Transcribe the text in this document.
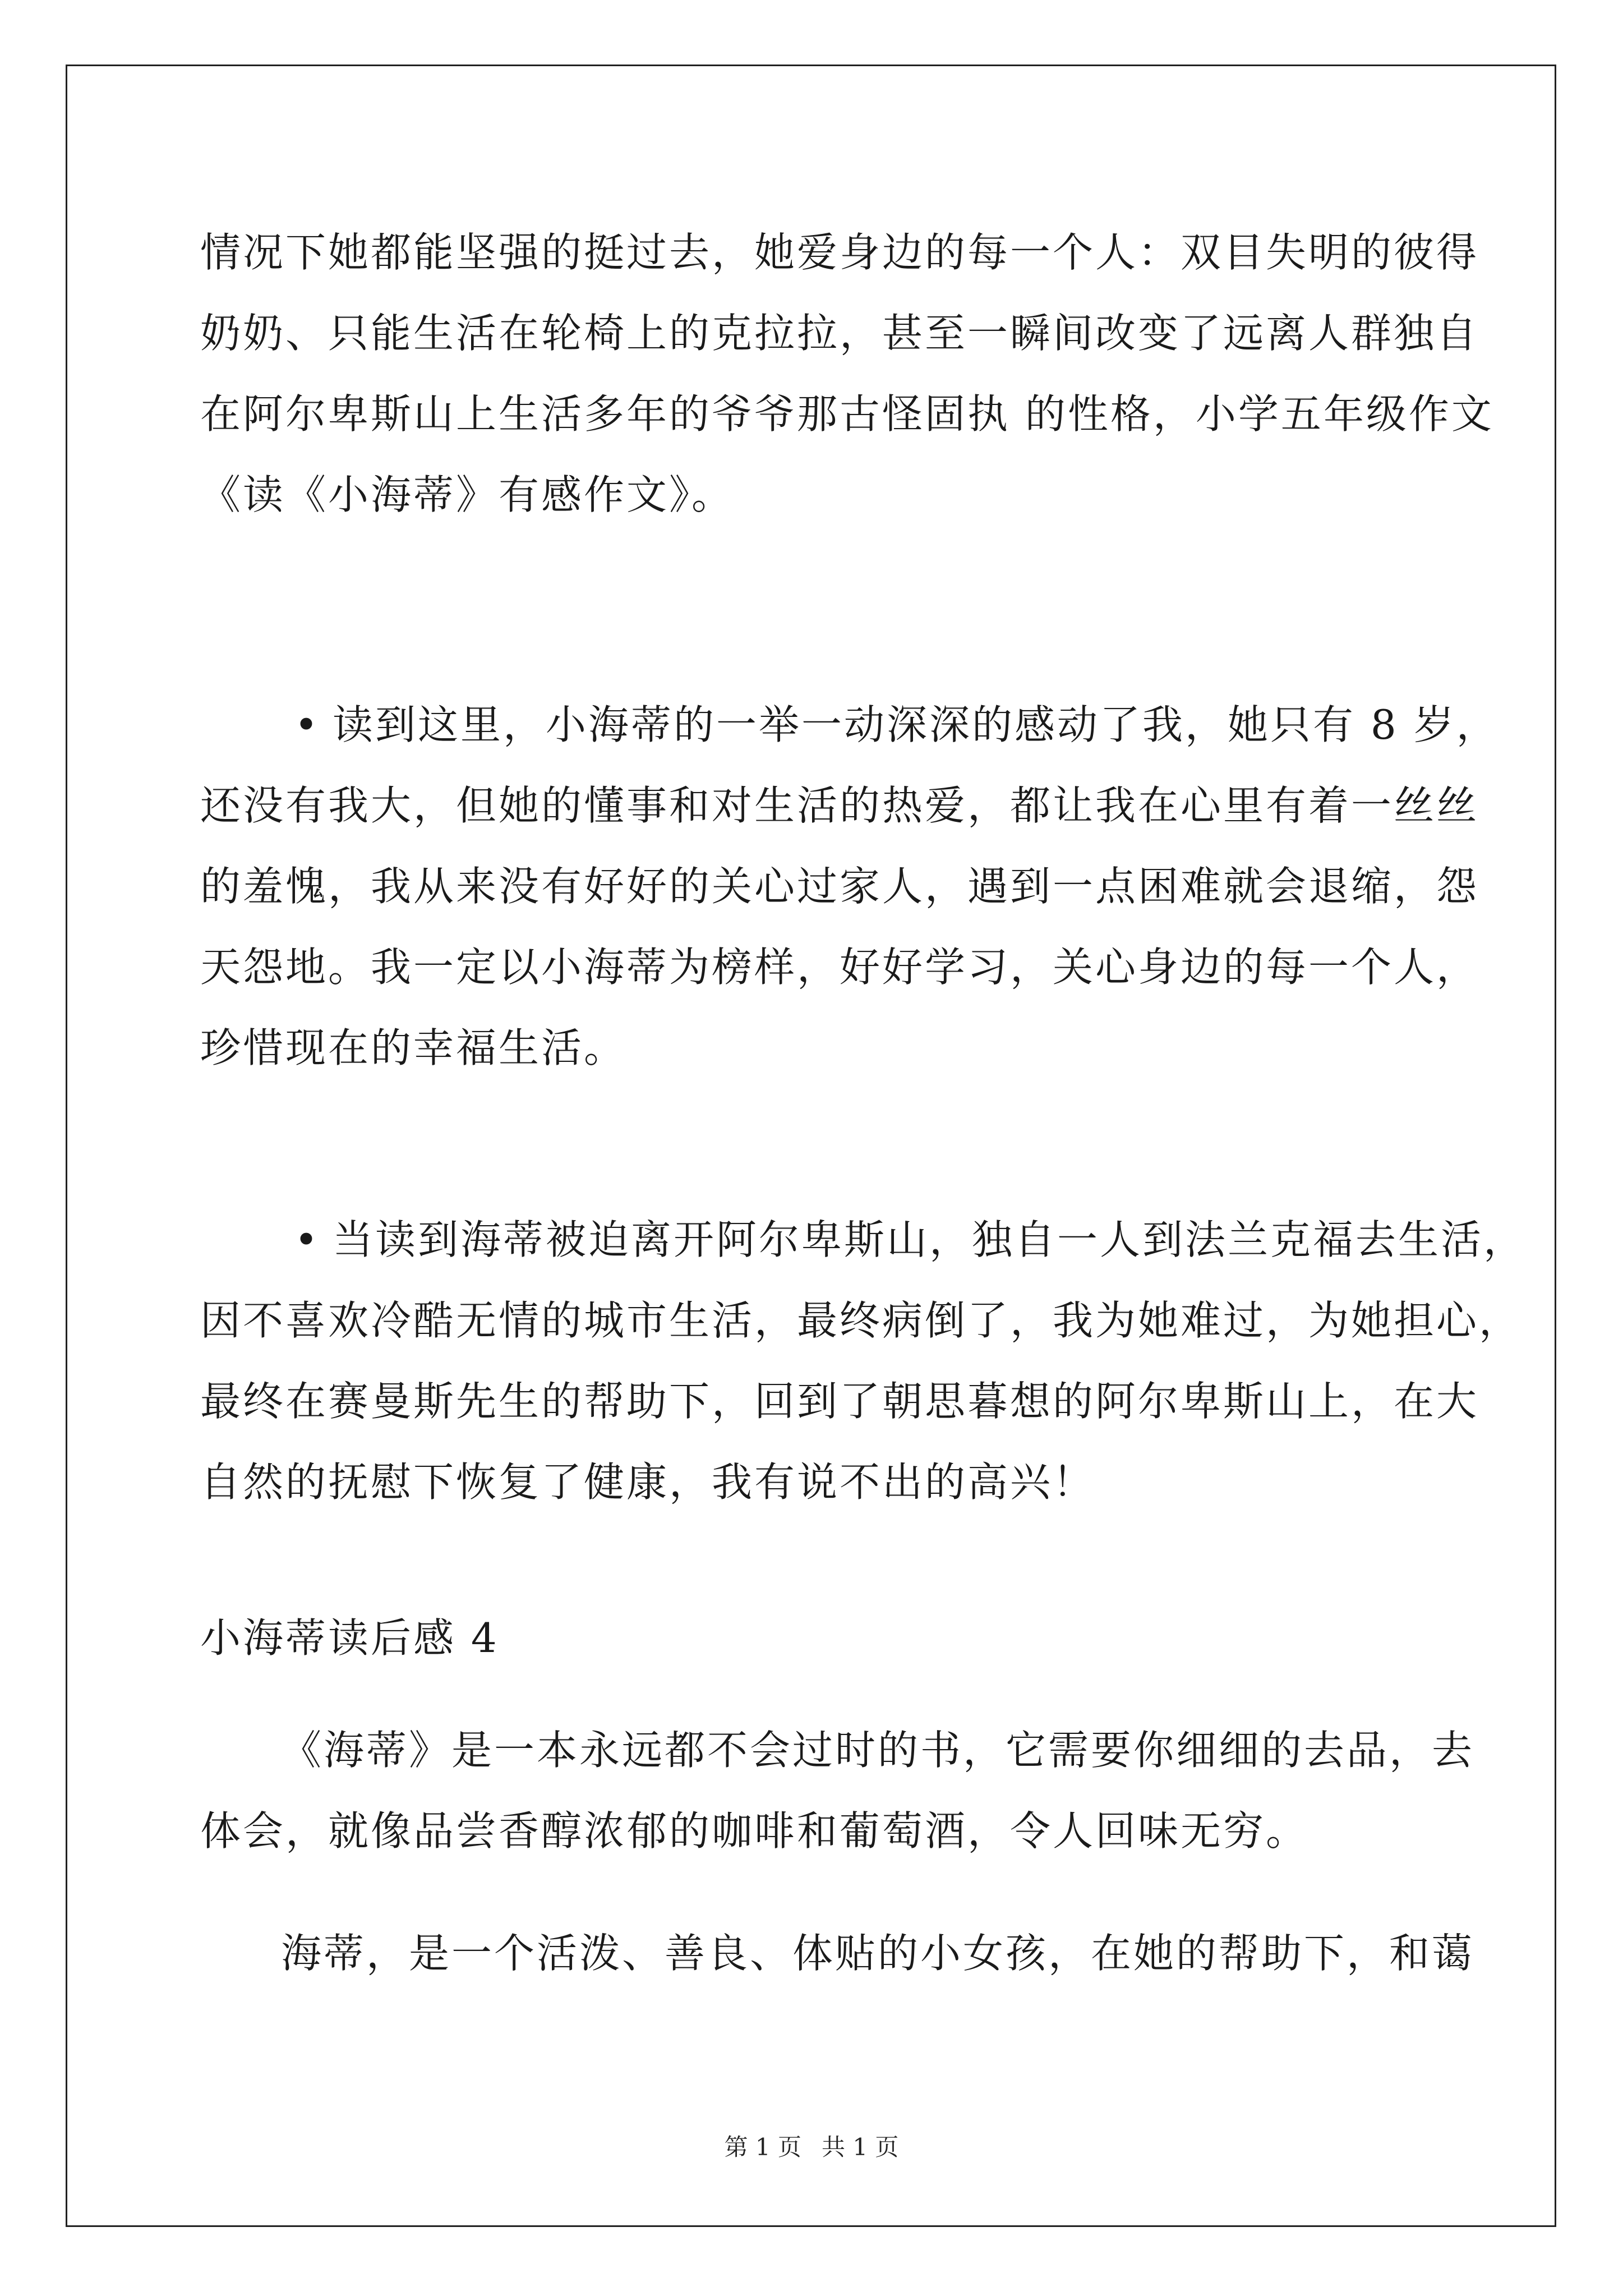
情况下她都能坚强的挺过去，她爱身边的每一个人：双目失明的彼得
奶奶、只能生活在轮椅上的克拉拉，甚至一瞬间改变了远离人群独自
在阿尔卑斯山上生活多年的爷爷那古怪固执 的性格，小学五年级作文
《读《小海蒂》有感作文》。
• 读到这里，小海蒂的一举一动深深的感动了我，她只有 8 岁，
还没有我大，但她的懂事和对生活的热爱，都让我在心里有着一丝丝
的羞愧，我从来没有好好的关心过家人，遇到一点困难就会退缩，怨
天怨地。我一定以小海蒂为榜样，好好学习，关心身边的每一个人，
珍惜现在的幸福生活。
• 当读到海蒂被迫离开阿尔卑斯山，独自一人到法兰克福去生活，
因不喜欢冷酷无情的城市生活，最终病倒了，我为她难过，为她担心，
最终在赛曼斯先生的帮助下，回到了朝思暮想的阿尔卑斯山上，在大
自然的抚慰下恢复了健康，我有说不出的高兴！
小海蒂读后感 4
《海蒂》是一本永远都不会过时的书，它需要你细细的去品，去
体会，就像品尝香醇浓郁的咖啡和葡萄酒，令人回味无穷。
海蒂，是一个活泼、善良、体贴的小女孩，在她的帮助下，和蔼
第 1 页 共 1 页
